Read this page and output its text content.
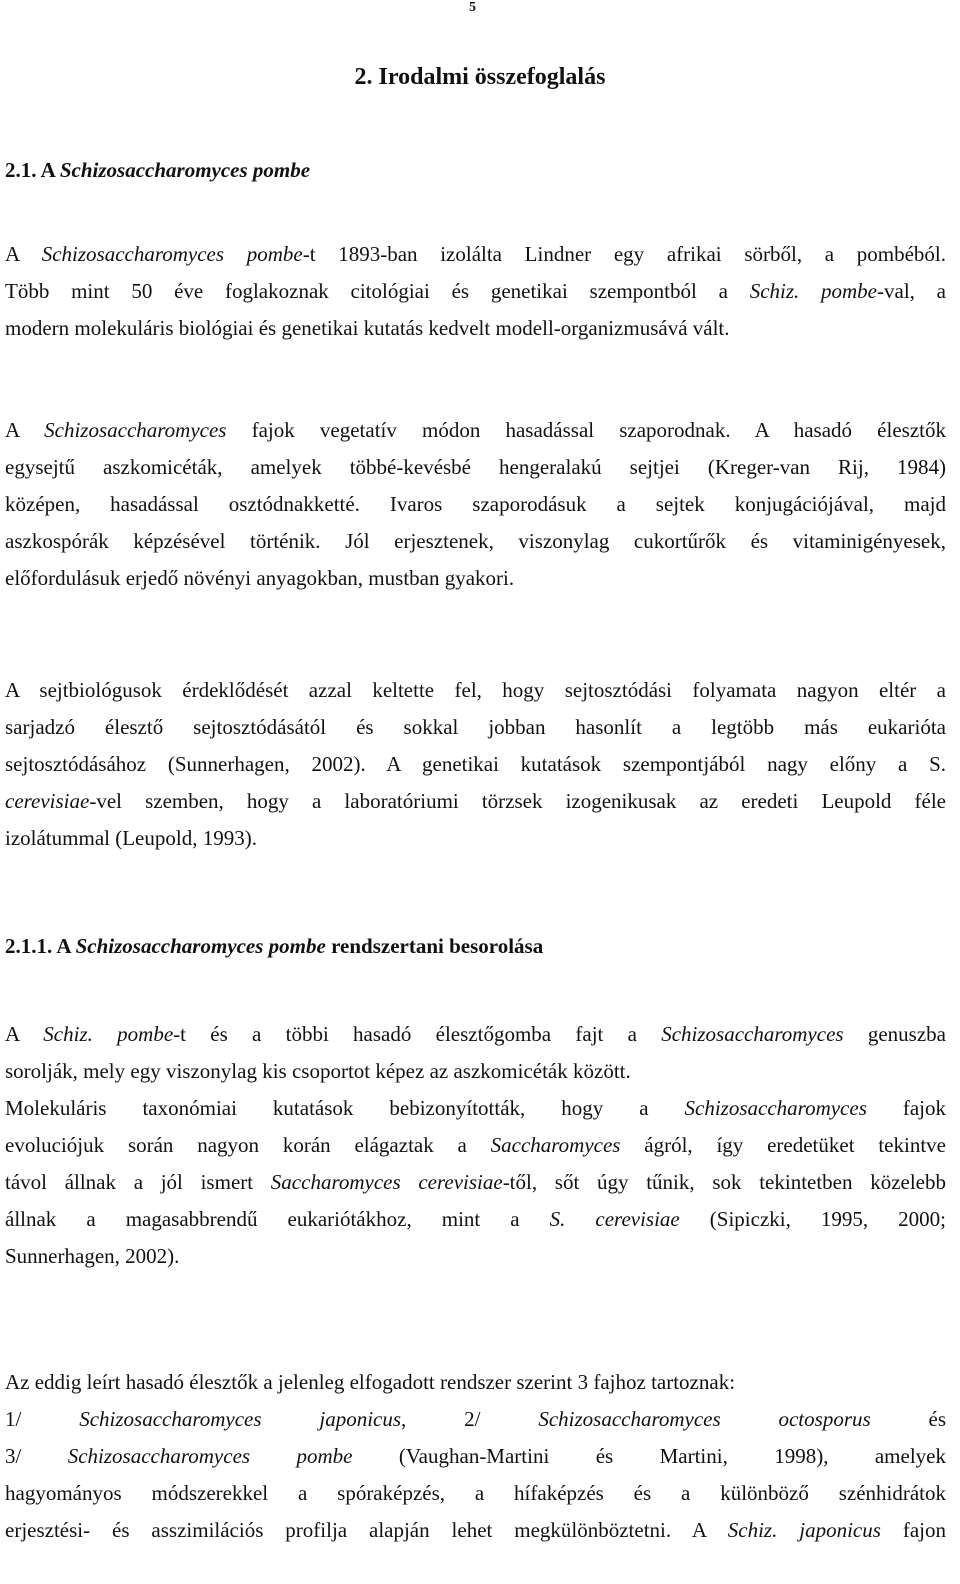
5
2. Irodalmi összefoglalás
2.1. A Schizosaccharomyces pombe
A Schizosaccharomyces pombe-t 1893-ban izolálta Lindner egy afrikai sörből, a pombéból.
Több mint 50 éve foglakoznak citológiai és genetikai szempontból a Schiz. pombe-val, a
modern molekuláris biológiai és genetikai kutatás kedvelt modell-organizmusává vált.
A Schizosaccharomyces fajok vegetatív módon hasadással szaporodnak. A hasadó élesztők
egysejtű aszkomicéták, amelyek többé-kevésbé hengeralakú sejtjei (Kreger-van Rij, 1984)
középen, hasadással osztódnakketté. Ivaros szaporodásuk a sejtek konjugációjával, majd
aszkospórák képzésével történik. Jól erjesztenek, viszonylag cukortűrők és vitaminigényesek,
előfordulásuk erjedő növényi anyagokban, mustban gyakori.
A sejtbiológusok érdeklődését azzal keltette fel, hogy sejtosztódási folyamata nagyon eltér a
sarjadzó élesztő sejtosztódásától és sokkal jobban hasonlít a legtöbb más eukarióta
sejtosztódásához (Sunnerhagen, 2002). A genetikai kutatások szempontjából nagy előny a S.
cerevisiae-vel szemben, hogy a laboratóriumi törzsek izogenikusak az eredeti Leupold féle
izolátummal (Leupold, 1993).
2.1.1. A Schizosaccharomyces pombe rendszertani besorolása
A Schiz. pombe-t és a többi hasadó élesztőgomba fajt a Schizosaccharomyces genuszba
sorolják, mely egy viszonylag kis csoportot képez az aszkomicéták között.
Molekuláris taxonómiai kutatások bebizonyították, hogy a Schizosaccharomyces fajok
evoluciójuk során nagyon korán elágaztak a Saccharomyces ágról, így eredetüket tekintve
távol állnak a jól ismert Saccharomyces cerevisiae-től, sőt úgy tűnik, sok tekintetben közelebb
állnak a magasabbrendű eukariótákhoz, mint a S. cerevisiae (Sipiczki, 1995, 2000;
Sunnerhagen, 2002).
Az eddig leírt hasadó élesztők a jelenleg elfogadott rendszer szerint 3 fajhoz tartoznak:
1/ Schizosaccharomyces japonicus, 2/ Schizosaccharomyces octosporus és
3/ Schizosaccharomyces pombe (Vaughan-Martini és Martini, 1998), amelyek
hagyományos módszerekkel a spóraképzés, a hífaképzés és a különböző szénhidrátok
erjesztési- és asszimilációs profilja alapján lehet megkülönböztetni. A Schiz. japonicus fajon
